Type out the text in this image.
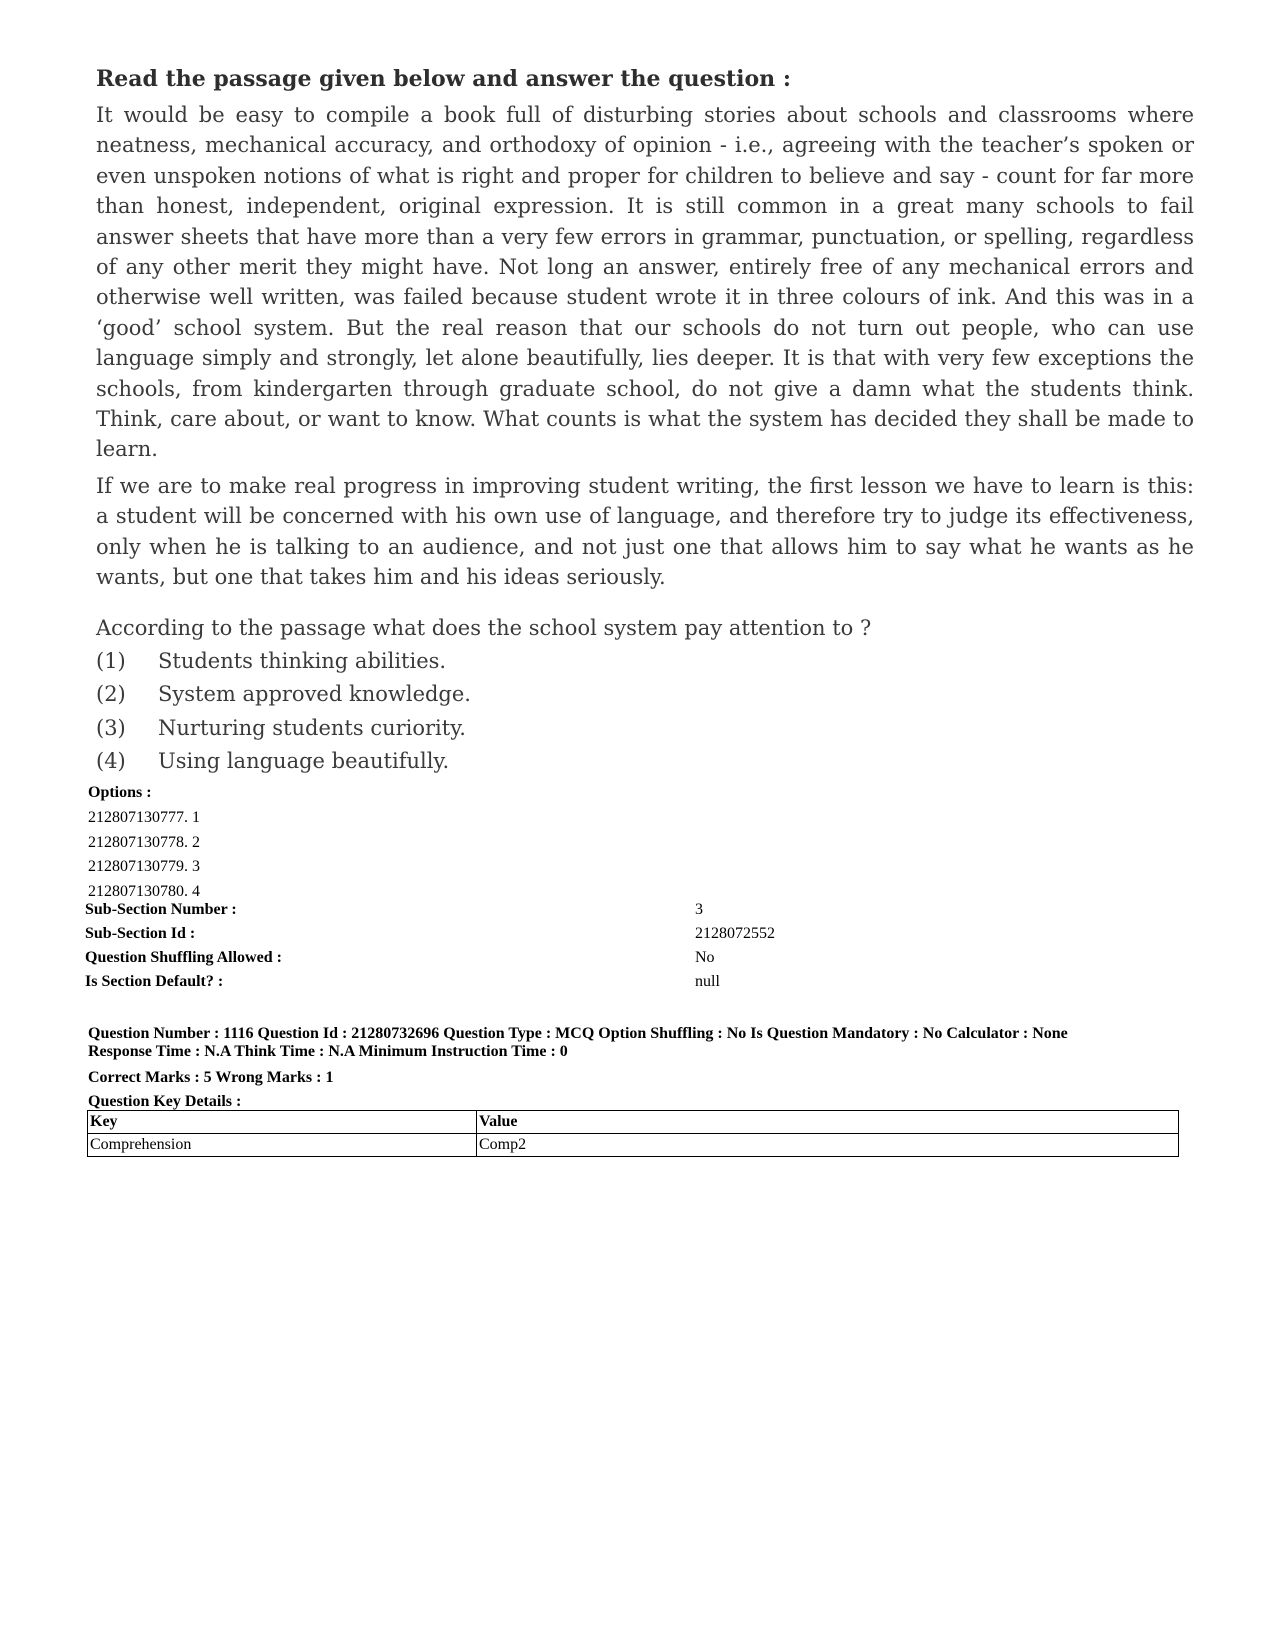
Read the passage given below and answer the question :

It would be easy to compile a book full of disturbing stories about schools and classrooms where neatness, mechanical accuracy, and orthodoxy of opinion - i.e., agreeing with the teacher’s spoken or even unspoken notions of what is right and proper for children to believe and say - count for far more than honest, independent, original expression. It is still common in a great many schools to fail answer sheets that have more than a very few errors in grammar, punctuation, or spelling, regardless of any other merit they might have. Not long an answer, entirely free of any mechanical errors and otherwise well written, was failed because student wrote it in three colours of ink. And this was in a ‘good’ school system. But the real reason that our schools do not turn out people, who can use language simply and strongly, let alone beautifully, lies deeper. It is that with very few exceptions the schools, from kindergarten through graduate school, do not give a damn what the students think. Think, care about, or want to know. What counts is what the system has decided they shall be made to learn.

If we are to make real progress in improving student writing, the first lesson we have to learn is this: a student will be concerned with his own use of language, and therefore try to judge its effectiveness, only when he is talking to an audience, and not just one that allows him to say what he wants as he wants, but one that takes him and his ideas seriously.

According to the passage what does the school system pay attention to ?
(1)	Students thinking abilities.
(2)	System approved knowledge.
(3)	Nurturing students curiority.
(4)	Using language beautifully.
Options :
212807130777. 1
212807130778. 2
212807130779. 3
212807130780. 4
Sub-Section Number :	3
Sub-Section Id :	2128072552
Question Shuffling Allowed :	No
Is Section Default? :	null
Question Number : 1116 Question Id : 21280732696 Question Type : MCQ Option Shuffling : No Is Question Mandatory : No Calculator : None
Response Time : N.A Think Time : N.A Minimum Instruction Time : 0
Correct Marks : 5 Wrong Marks : 1
Question Key Details :
Key	Value
Comprehension	Comp2
